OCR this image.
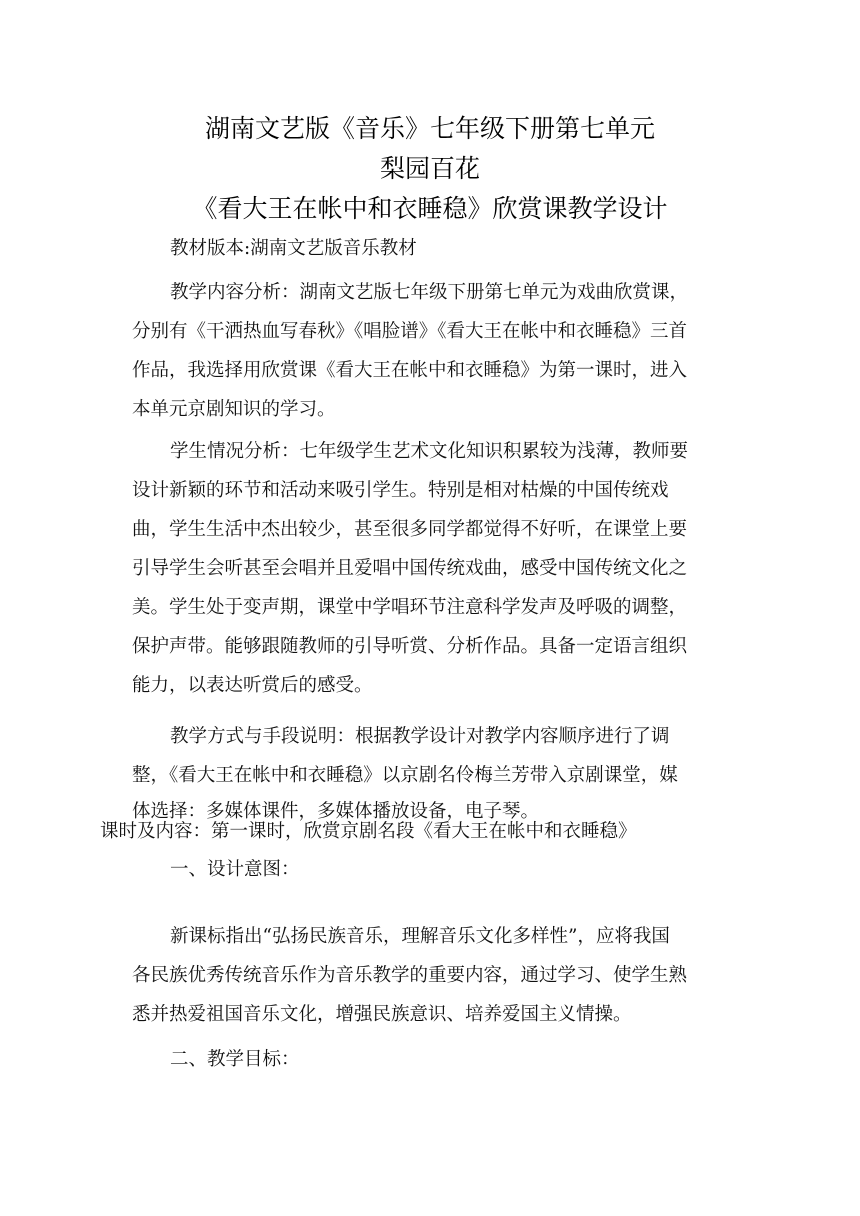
湖南文艺版《音乐》七年级下册第七单元
梨园百花
《看大王在帐中和衣睡稳》欣赏课教学设计
教材版本:湖南文艺版音乐教材
教学内容分析：湖南文艺版七年级下册第七单元为戏曲欣赏课，
分别有《干洒热血写春秋》《唱脸谱》《看大王在帐中和衣睡稳》三首
作品，我选择用欣赏课《看大王在帐中和衣睡稳》为第一课时，进入
本单元京剧知识的学习。
学生情况分析：七年级学生艺术文化知识积累较为浅薄，教师要
设计新颖的环节和活动来吸引学生。特别是相对枯燥的中国传统戏
曲，学生生活中杰出较少，甚至很多同学都觉得不好听，在课堂上要
引导学生会听甚至会唱并且爱唱中国传统戏曲，感受中国传统文化之
美。学生处于变声期，课堂中学唱环节注意科学发声及呼吸的调整，
保护声带。能够跟随教师的引导听赏、分析作品。具备一定语言组织
能力，以表达听赏后的感受。
教学方式与手段说明：根据教学设计对教学内容顺序进行了调
整，《看大王在帐中和衣睡稳》以京剧名伶梅兰芳带入京剧课堂，媒
体选择：多媒体课件，多媒体播放设备，电子琴。
课时及内容：第一课时，欣赏京剧名段《看大王在帐中和衣睡稳》
一、设计意图：
新课标指出“弘扬民族音乐，理解音乐文化多样性”，应将我国
各民族优秀传统音乐作为音乐教学的重要内容，通过学习、使学生熟
悉并热爱祖国音乐文化，增强民族意识、培养爱国主义情操。
二、教学目标：
